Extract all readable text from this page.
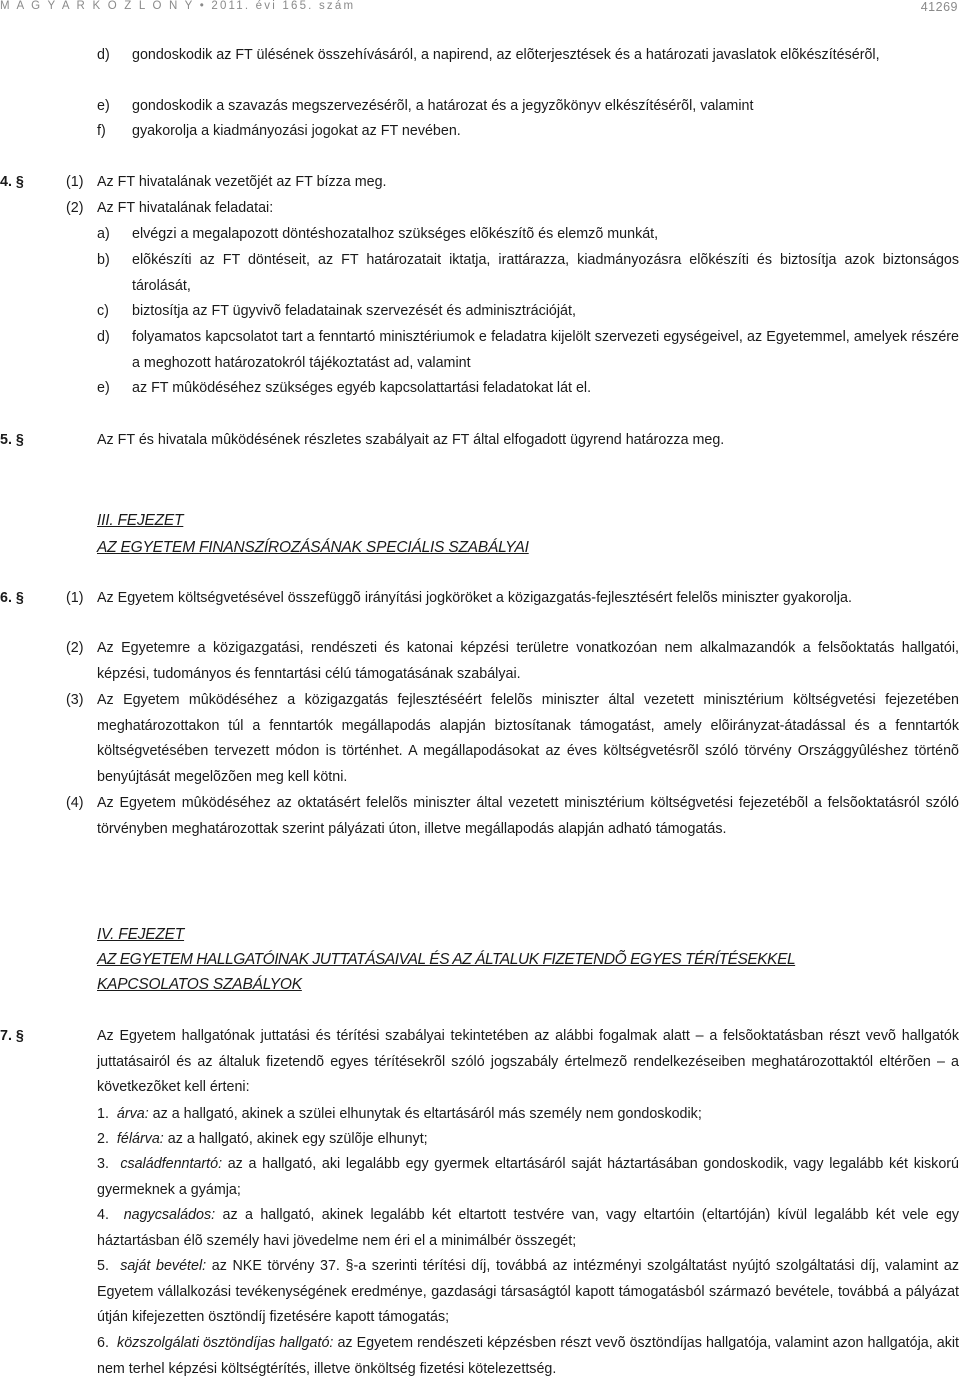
M A G Y A R K Ö Z L Ö N Y • 2011. évi 165. szám	41269
d) gondoskodik az FT ülésének összehívásáról, a napirend, az elõterjesztések és a határozati javaslatok elõkészítésérõl,
e) gondoskodik a szavazás megszervezésérõl, a határozat és a jegyzõkönyv elkészítésérõl, valamint
f) gyakorolja a kiadmányozási jogokat az FT nevében.
4. §	(1) Az FT hivatalának vezetõjét az FT bízza meg.
(2) Az FT hivatalának feladatai:
a) elvégzi a megalapozott döntéshozatalhoz szükséges elõkészítõ és elemzõ munkát,
b) elõkészíti az FT döntéseit, az FT határozatait iktatja, irattárazza, kiadmányozásra elõkészíti és biztosítja azok biztonságos tárolását,
c) biztosítja az FT ügyvivõ feladatainak szervezését és adminisztrációját,
d) folyamatos kapcsolatot tart a fenntartó minisztériumok e feladatra kijelölt szervezeti egységeivel, az Egyetemmel, amelyek részére a meghozott határozatokról tájékoztatást ad, valamint
e) az FT mûködéséhez szükséges egyéb kapcsolattartási feladatokat lát el.
5. §	Az FT és hivatala mûködésének részletes szabályait az FT által elfogadott ügyrend határozza meg.
III. FEJEZET
AZ EGYETEM FINANSZÍROZÁSÁNAK SPECIÁLIS SZABÁLYAI
6. §	(1) Az Egyetem költségvetésével összefüggõ irányítási jogköröket a közigazgatás-fejlesztésért felelõs miniszter gyakorolja.
(2) Az Egyetemre a közigazgatási, rendészeti és katonai képzési területre vonatkozóan nem alkalmazandók a felsõoktatás hallgatói, képzési, tudományos és fenntartási célú támogatásának szabályai.
(3) Az Egyetem mûködéséhez a közigazgatás fejlesztéséért felelõs miniszter által vezetett minisztérium költségvetési fejezetében meghatározottakon túl a fenntartók megállapodás alapján biztosítanak támogatást, amely elõirányzat-átadással és a fenntartók költségvetésében tervezett módon is történhet. A megállapodásokat az éves költségvetésrõl szóló törvény Országgyûléshez történõ benyújtását megelõzõen meg kell kötni.
(4) Az Egyetem mûködéséhez az oktatásért felelõs miniszter által vezetett minisztérium költségvetési fejezetébõl a felsõoktatásról szóló törvényben meghatározottak szerint pályázati úton, illetve megállapodás alapján adható támogatás.
IV. FEJEZET
AZ EGYETEM HALLGATÓINAK JUTTATÁSAIVAL ÉS AZ ÁLTALUK FIZETENDÕ EGYES TÉRÍTÉSEKKEL
KAPCSOLATOS SZABÁLYOK
7. §	Az Egyetem hallgatónak juttatási és térítési szabályai tekintetében az alábbi fogalmak alatt – a felsõoktatásban részt vevõ hallgatók juttatásairól és az általuk fizetendõ egyes térítésekrõl szóló jogszabály értelmezõ rendelkezéseiben meghatározottaktól eltérõen – a következõket kell érteni:
1. árva: az a hallgató, akinek a szülei elhunytak és eltartásáról más személy nem gondoskodik;
2. félárva: az a hallgató, akinek egy szülõje elhunyt;
3. családfenntartó: az a hallgató, aki legalább egy gyermek eltartásáról saját háztartásában gondoskodik, vagy legalább két kiskorú gyermeknek a gyámja;
4. nagycsaládos: az a hallgató, akinek legalább két eltartott testvére van, vagy eltartóin (eltartóján) kívül legalább két vele egy háztartásban élõ személy havi jövedelme nem éri el a minimálbér összegét;
5. saját bevétel: az NKE törvény 37. §-a szerinti térítési díj, továbbá az intézményi szolgáltatást nyújtó szolgáltatási díj, valamint az Egyetem vállalkozási tevékenységének eredménye, gazdasági társaságtól kapott támogatásból származó bevétele, továbbá a pályázat útján kifejezetten ösztöndíj fizetésére kapott támogatás;
6. közszolgálati ösztöndíjas hallgató: az Egyetem rendészeti képzésben részt vevõ ösztöndíjas hallgatója, valamint azon hallgatója, akit nem terhel képzési költségtérítés, illetve önköltség fizetési kötelezettség.
